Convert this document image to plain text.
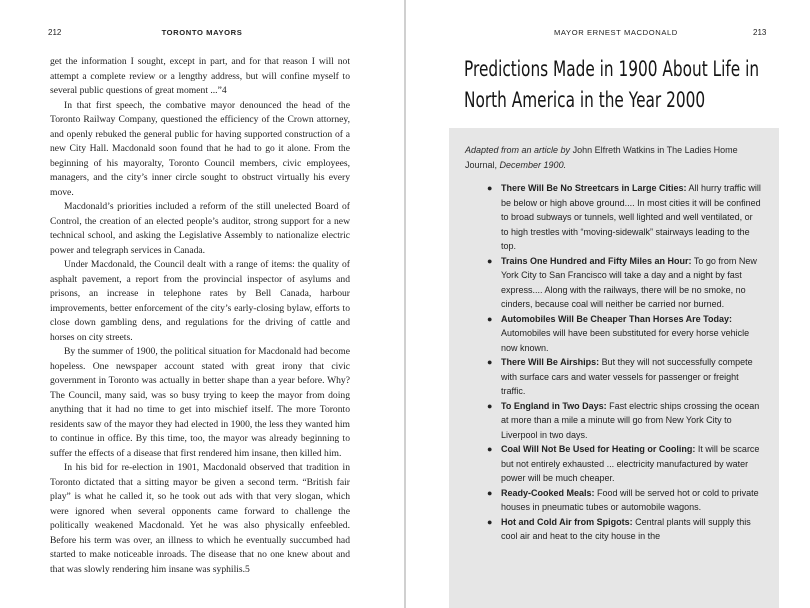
212	TORONTO MAYORS

get the information I sought, except in part, and for that reason I will not attempt a complete review or a lengthy address, but will confine myself to several public questions of great moment ...”4

In that first speech, the combative mayor denounced the head of the Toronto Railway Company, questioned the efficiency of the Crown attorney, and openly rebuked the general public for having supported construction of a new City Hall. Macdonald soon found that he had to go it alone. From the beginning of his mayoralty, Toronto Council members, civic employees, managers, and the city’s inner circle sought to obstruct virtually his every move.

Macdonald’s priorities included a reform of the still unelected Board of Control, the creation of an elected people’s auditor, strong support for a new technical school, and asking the Legislative Assembly to nationalize electric power and telegraph services in Canada.

Under Macdonald, the Council dealt with a range of items: the quality of asphalt pavement, a report from the provincial inspector of asylums and prisons, an increase in telephone rates by Bell Canada, harbour improvements, better enforcement of the city’s early-closing bylaw, efforts to close down gambling dens, and regulations for the driving of cattle and horses on city streets.

By the summer of 1900, the political situation for Macdonald had become hopeless. One newspaper account stated with great irony that civic government in Toronto was actually in better shape than a year before. Why? The Council, many said, was so busy trying to keep the mayor from doing anything that it had no time to get into mischief itself. The more Toronto residents saw of the mayor they had elected in 1900, the less they wanted him to continue in office. By this time, too, the mayor was already beginning to suffer the effects of a disease that first rendered him insane, then killed him.

In his bid for re-election in 1901, Macdonald observed that tradition in Toronto dictated that a sitting mayor be given a second term. “British fair play” is what he called it, so he took out ads with that very slogan, which were ignored when several opponents came forward to challenge the politically weakened Macdonald. Yet he was also physically enfeebled. Before his term was over, an illness to which he eventually succumbed had started to make noticeable inroads. The disease that no one knew about and that was slowly rendering him insane was syphilis.5

MAYOR ERNEST MACDONALD	213
Predictions Made in 1900 About Life in North America in the Year 2000
Adapted from an article by John Elfreth Watkins in The Ladies Home Journal, December 1900.
● There Will Be No Streetcars in Large Cities: All hurry traffic will be below or high above ground.... In most cities it will be confined to broad subways or tunnels, well lighted and well ventilated, or to high trestles with “moving-sidewalk” stairways leading to the top.
● Trains One Hundred and Fifty Miles an Hour: To go from New York City to San Francisco will take a day and a night by fast express.... Along with the railways, there will be no smoke, no cinders, because coal will neither be carried nor burned.
● Automobiles Will Be Cheaper Than Horses Are Today: Automobiles will have been substituted for every horse vehicle now known.
● There Will Be Airships: But they will not successfully compete with surface cars and water vessels for passenger or freight traffic.
● To England in Two Days: Fast electric ships crossing the ocean at more than a mile a minute will go from New York City to Liverpool in two days.
● Coal Will Not Be Used for Heating or Cooling: It will be scarce but not entirely exhausted ... electricity manufactured by water power will be much cheaper.
● Ready-Cooked Meals: Food will be served hot or cold to private houses in pneumatic tubes or automobile wagons.
● Hot and Cold Air from Spigots: Central plants will supply this cool air and heat to the city house in the
